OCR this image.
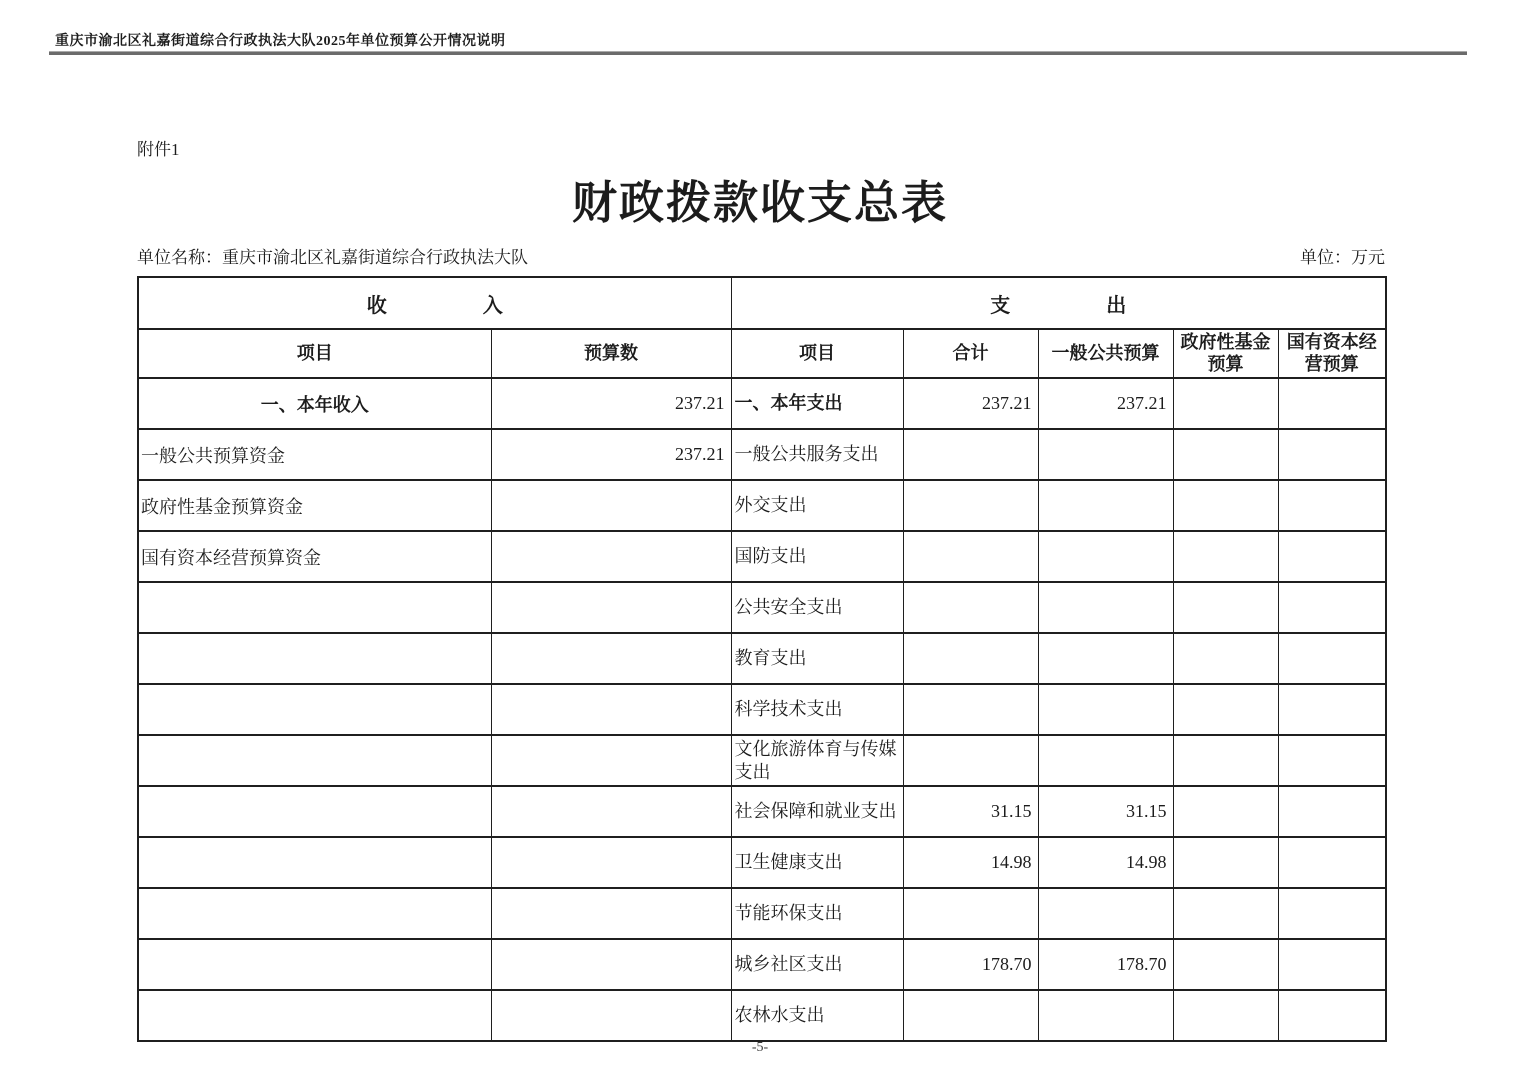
重庆市渝北区礼嘉街道综合行政执法大队2025年单位预算公开情况说明
附件1
财政拨款收支总表
单位名称：重庆市渝北区礼嘉街道综合行政执法大队	单位：万元
收 入		支 出				

项目	预算数	项目	合计	一般公共预算	政府性基金预算	国有资本经营预算
一、本年收入	237.21	一、本年支出	237.21	237.21		
一般公共预算资金	237.21	一般公共服务支出				
政府性基金预算资金		外交支出				
国有资本经营预算资金		国防支出				
		公共安全支出				
		教育支出				
		科学技术支出				
		文化旅游体育与传媒支出				
		社会保障和就业支出	31.15	31.15		
		卫生健康支出	14.98	14.98		
		节能环保支出				
		城乡社区支出	178.70	178.70		
		农林水支出				
-5-
